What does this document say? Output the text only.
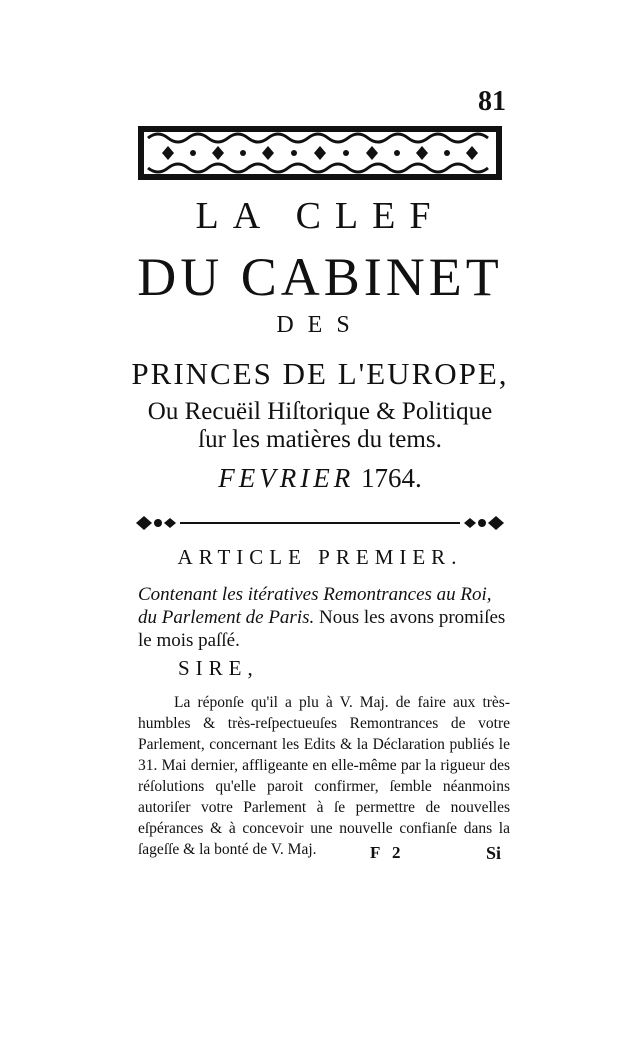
81
LA CLEF
DU CABINET
DES
PRINCES DE L'EUROPE,
Ou Recuëil Hiſtorique & Politique
ſur les matières du tems.
FEVRIER 1764.
ARTICLE PREMIER.
Contenant les itératives Remontrances au Roi, du Parlement de Paris. Nous les avons promiſes le mois paſſé.
SIRE,
La réponſe qu'il a plu à V. Maj. de faire aux très-humbles & très-reſpectueuſes Remontrances de votre Parlement, concernant les Edits & la Déclaration publiés le 31. Mai dernier, affligeante en elle-même par la rigueur des réſolutions qu'elle paroit confirmer, ſemble néanmoins autoriſer votre Parlement à ſe permettre de nouvelles eſpérances & à concevoir une nouvelle confianſe dans la ſageſſe & la bonté de V. Maj.	F 2	Si
